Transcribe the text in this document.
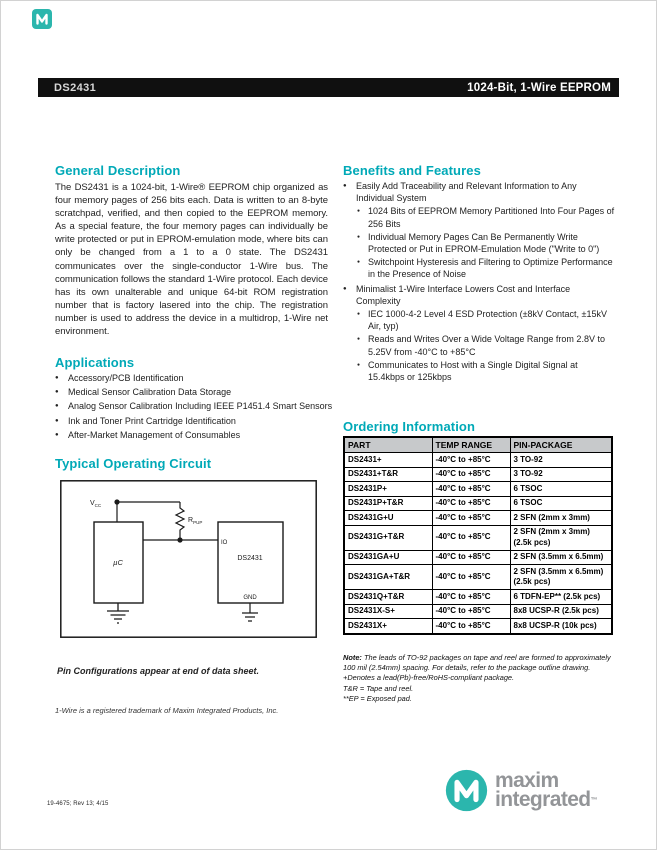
DS2431	1024-Bit, 1-Wire EEPROM
General Description
The DS2431 is a 1024-bit, 1-Wire® EEPROM chip organized as four memory pages of 256 bits each. Data is written to an 8-byte scratchpad, verified, and then copied to the EEPROM memory. As a special feature, the four memory pages can individually be write protected or put in EPROM-emulation mode, where bits can only be changed from a 1 to a 0 state. The DS2431 communicates over the single-conductor 1-Wire bus. The communication follows the standard 1-Wire protocol. Each device has its own unalterable and unique 64-bit ROM registration number that is factory lasered into the chip. The registration number is used to address the device in a multidrop, 1-Wire net environment.
Applications
● Accessory/PCB Identification
● Medical Sensor Calibration Data Storage
● Analog Sensor Calibration Including IEEE P1451.4 Smart Sensors
● Ink and Toner Print Cartridge Identification
● After-Market Management of Consumables
Typical Operating Circuit
$V_{CC}$
µC
$R_{PUP}$
IO
DS2431
GND
Pin Configurations appear at end of data sheet.
1-Wire is a registered trademark of Maxim Integrated Products, Inc.
Benefits and Features
● Easily Add Traceability and Relevant Information to Any Individual System
● 1024 Bits of EEPROM Memory Partitioned Into Four Pages of 256 Bits
● Individual Memory Pages Can Be Permanently Write Protected or Put in EPROM-Emulation Mode ("Write to 0")
● Switchpoint Hysteresis and Filtering to Optimize Performance in the Presence of Noise
● Minimalist 1-Wire Interface Lowers Cost and Interface Complexity
● IEC 1000-4-2 Level 4 ESD Protection (±8kV Contact, ±15kV Air, typ)
● Reads and Writes Over a Wide Voltage Range from 2.8V to 5.25V from -40°C to +85°C
● Communicates to Host with a Single Digital Signal at 15.4kbps or 125kbps
Ordering Information
PART	TEMP RANGE	PIN-PACKAGE
DS2431+	-40°C to +85°C	3 TO-92
DS2431+T&R	-40°C to +85°C	3 TO-92
DS2431P+	-40°C to +85°C	6 TSOC
DS2431P+T&R	-40°C to +85°C	6 TSOC
DS2431G+U	-40°C to +85°C	2 SFN (2mm x 3mm)
DS2431G+T&R	-40°C to +85°C	2 SFN (2mm x 3mm) (2.5k pcs)
DS2431GA+U	-40°C to +85°C	2 SFN (3.5mm x 6.5mm)
DS2431GA+T&R	-40°C to +85°C	2 SFN (3.5mm x 6.5mm) (2.5k pcs)
DS2431Q+T&R	-40°C to +85°C	6 TDFN-EP** (2.5k pcs)
DS2431X-S+	-40°C to +85°C	8x8 UCSP-R (2.5k pcs)
DS2431X+	-40°C to +85°C	8x8 UCSP-R (10k pcs)

Note: The leads of TO-92 packages on tape and reel are formed to approximately 100 mil (2.54mm) spacing. For details, refer to the package outline drawing.

+Denotes a lead(Pb)-free/RoHS-compliant package.

T&R = Tape and reel.

**EP = Exposed pad.

19-4675; Rev 13; 4/15
maxim
integrated™
